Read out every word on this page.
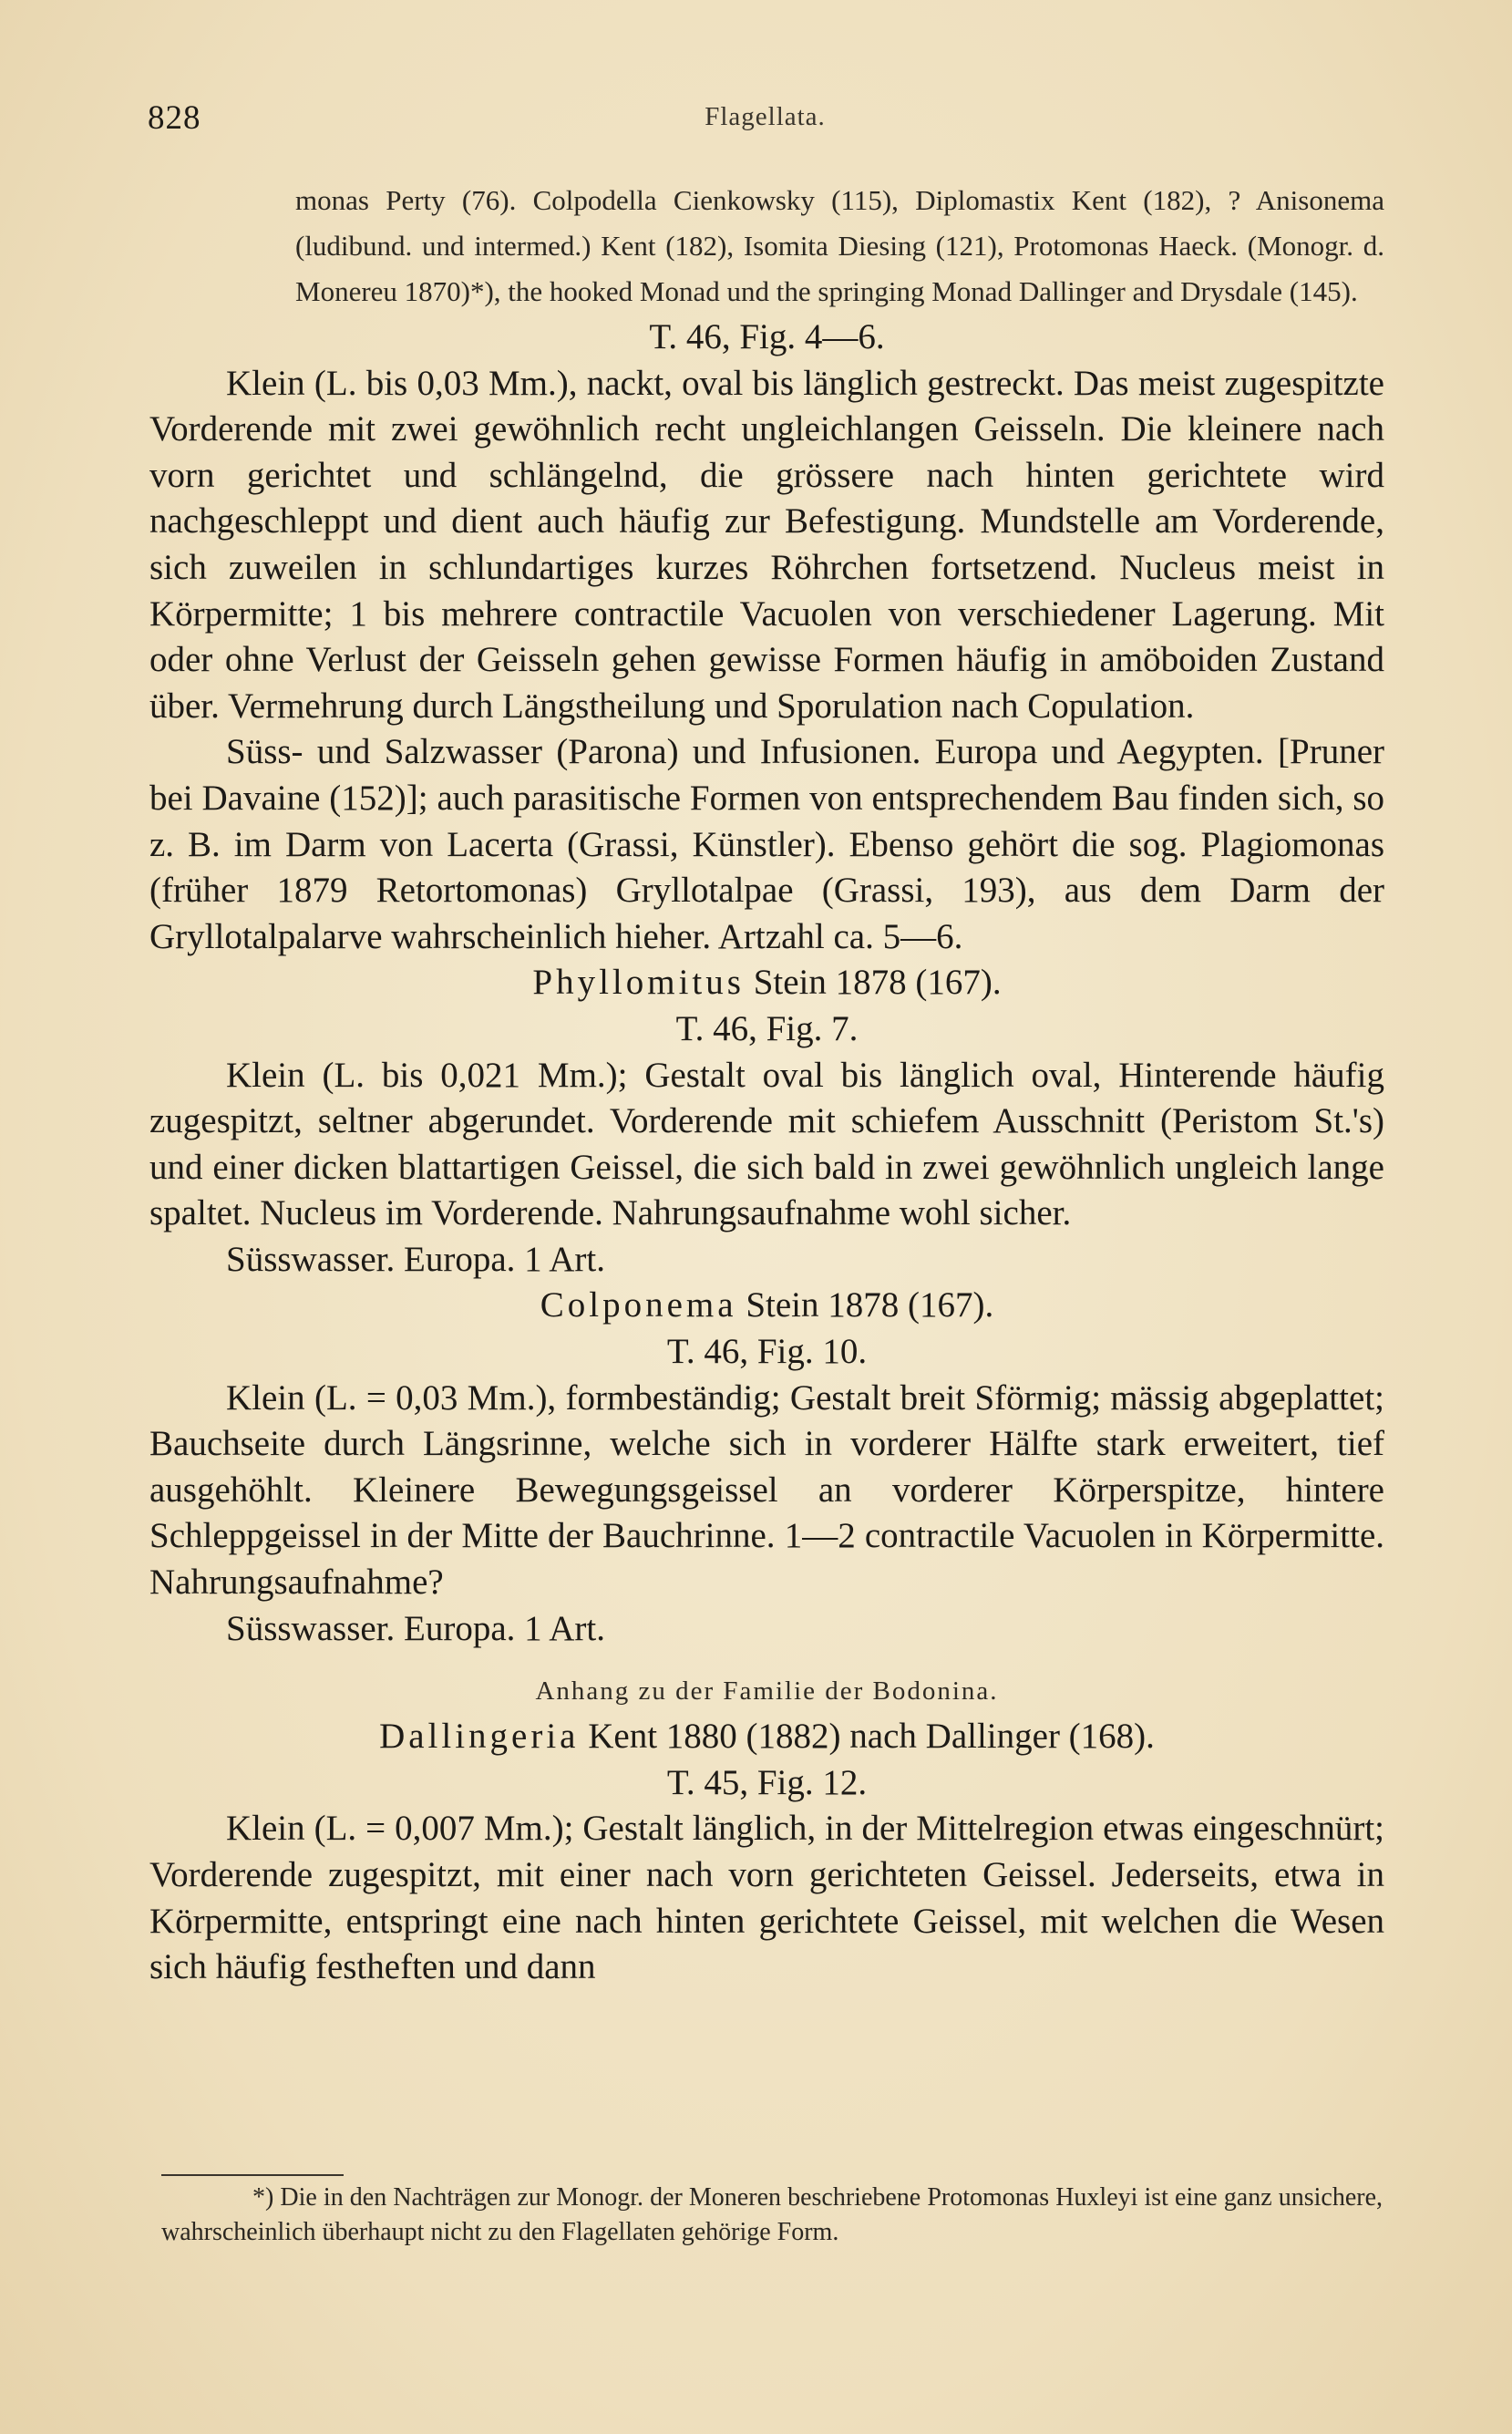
828	Flagellata.

monas Perty (76). Colpodella Cienkowsky (115), Diplomastix Kent (182), ? Anisonema (ludibund. und intermed.) Kent (182), Isomita Diesing (121), Protomonas Haeck. (Monogr. d. Monereu 1870)*), the hooked Monad und the springing Monad Dallinger and Drysdale (145).

T. 46, Fig. 4—6.

Klein (L. bis 0,03 Mm.), nackt, oval bis länglich gestreckt. Das meist zugespitzte Vorderende mit zwei gewöhnlich recht ungleichlangen Geisseln. Die kleinere nach vorn gerichtet und schlängelnd, die grössere nach hinten gerichtete wird nachgeschleppt und dient auch häufig zur Befestigung. Mundstelle am Vorderende, sich zuweilen in schlundartiges kurzes Röhrchen fortsetzend. Nucleus meist in Körpermitte; 1 bis mehrere contractile Vacuolen von verschiedener Lagerung. Mit oder ohne Verlust der Geisseln gehen gewisse Formen häufig in amöboiden Zustand über. Vermehrung durch Längstheilung und Sporulation nach Copulation.

Süss- und Salzwasser (Parona) und Infusionen. Europa und Aegypten. [Pruner bei Davaine (152)]; auch parasitische Formen von entsprechendem Bau finden sich, so z. B. im Darm von Lacerta (Grassi, Künstler). Ebenso gehört die sog. Plagiomonas (früher 1879 Retortomonas) Gryllotalpae (Grassi, 193), aus dem Darm der Gryllotalpalarve wahrscheinlich hieher. Artzahl ca. 5—6.

Phyllomitus Stein 1878 (167).

T. 46, Fig. 7.

Klein (L. bis 0,021 Mm.); Gestalt oval bis länglich oval, Hinterende häufig zugespitzt, seltner abgerundet. Vorderende mit schiefem Ausschnitt (Peristom St.'s) und einer dicken blattartigen Geissel, die sich bald in zwei gewöhnlich ungleich lange spaltet. Nucleus im Vorderende. Nahrungsaufnahme wohl sicher.

Süsswasser. Europa. 1 Art.

Colponema Stein 1878 (167).

T. 46, Fig. 10.

Klein (L. = 0,03 Mm.), formbeständig; Gestalt breit Sförmig; mässig abgeplattet; Bauchseite durch Längsrinne, welche sich in vorderer Hälfte stark erweitert, tief ausgehöhlt. Kleinere Bewegungsgeissel an vorderer Körperspitze, hintere Schleppgeissel in der Mitte der Bauchrinne. 1—2 contractile Vacuolen in Körpermitte. Nahrungsaufnahme?

Süsswasser. Europa. 1 Art.

Anhang zu der Familie der Bodonina.

Dallingeria Kent 1880 (1882) nach Dallinger (168).

T. 45, Fig. 12.

Klein (L. = 0,007 Mm.); Gestalt länglich, in der Mittelregion etwas eingeschnürt; Vorderende zugespitzt, mit einer nach vorn gerichteten Geissel. Jederseits, etwa in Körpermitte, entspringt eine nach hinten gerichtete Geissel, mit welchen die Wesen sich häufig festheften und dann

*) Die in den Nachträgen zur Monogr. der Moneren beschriebene Protomonas Huxleyi ist eine ganz unsichere, wahrscheinlich überhaupt nicht zu den Flagellaten gehörige Form.
